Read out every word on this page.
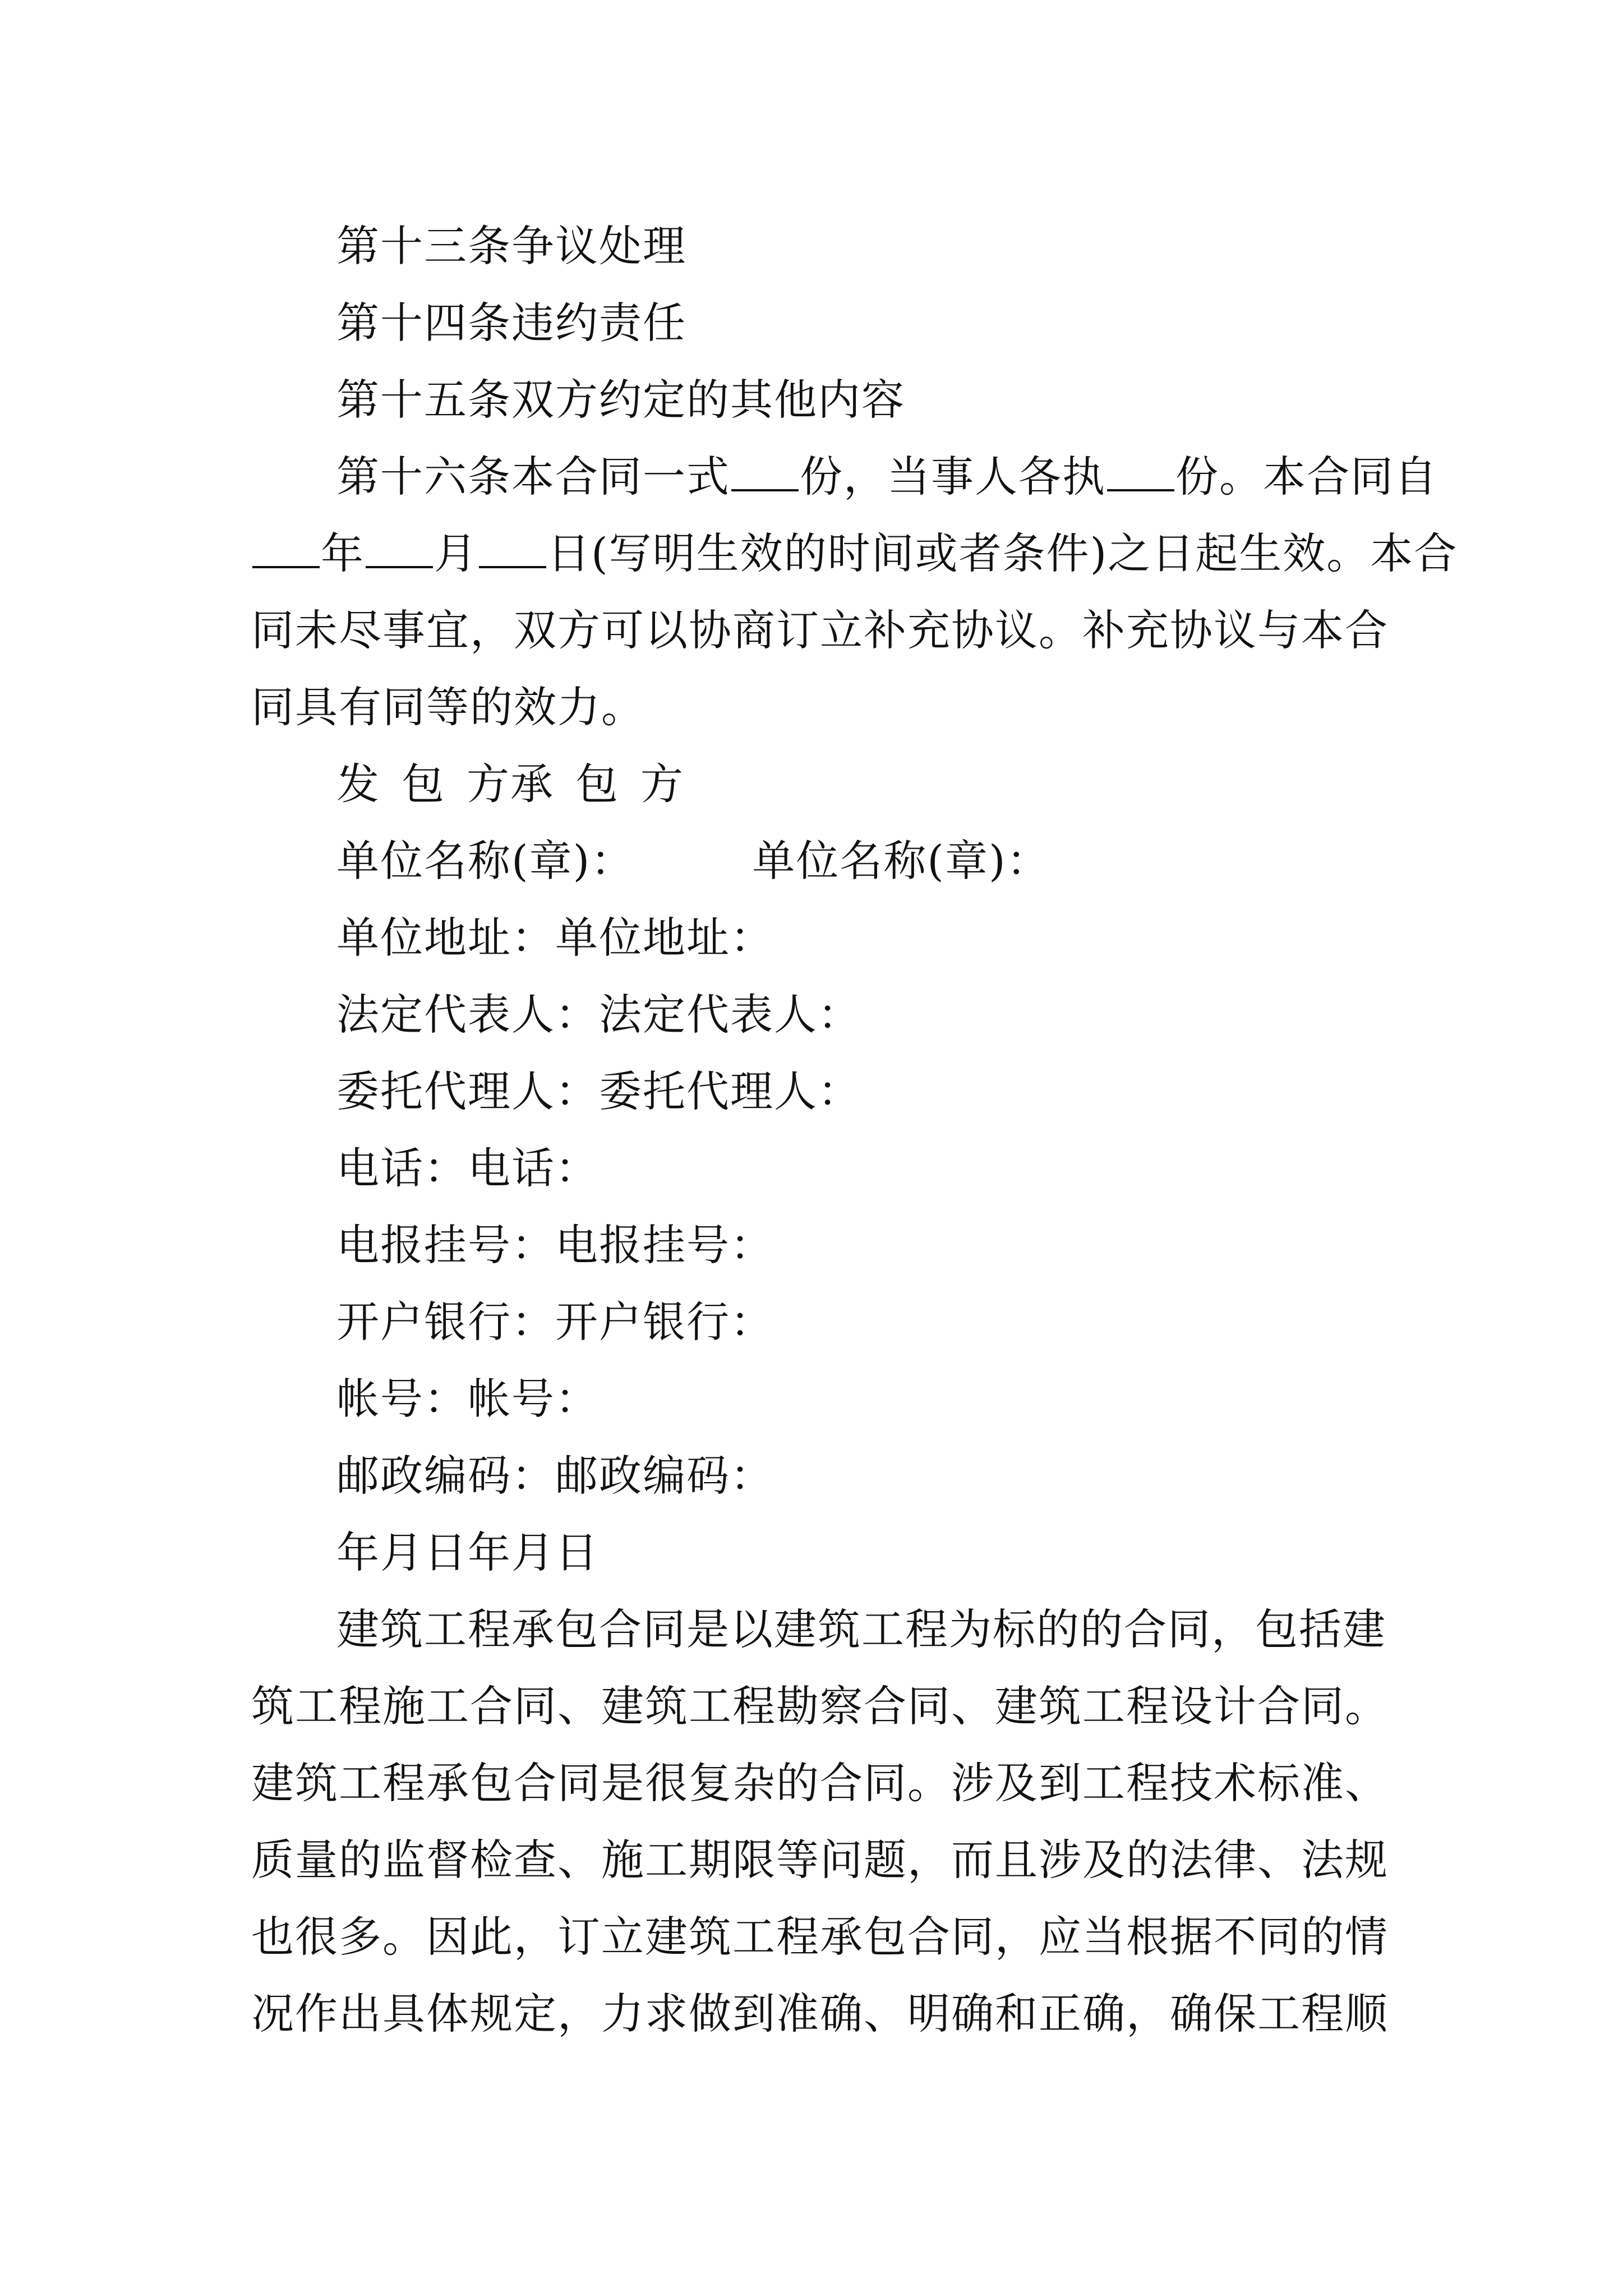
第十三条争议处理
第十四条违约责任
第十五条双方约定的其他内容
第十六条本合同一式 份，当事人各执 份。本合同自
年 月 日(写明生效的时间或者条件)之日起生效。本合
同未尽事宜，双方可以协商订立补充协议。补充协议与本合
同具有同等的效力。
发 包 方承 包 方
单位名称(章)：	单位名称(章)：
单位地址：单位地址：
法定代表人：法定代表人：
委托代理人：委托代理人：
电话：电话：
电报挂号：电报挂号：
开户银行：开户银行：
帐号：帐号：
邮政编码：邮政编码：
年月日年月日
建筑工程承包合同是以建筑工程为标的的合同，包括建
筑工程施工合同、建筑工程勘察合同、建筑工程设计合同。
建筑工程承包合同是很复杂的合同。涉及到工程技术标准、
质量的监督检查、施工期限等问题，而且涉及的法律、法规
也很多。因此，订立建筑工程承包合同，应当根据不同的情
况作出具体规定，力求做到准确、明确和正确，确保工程顺
